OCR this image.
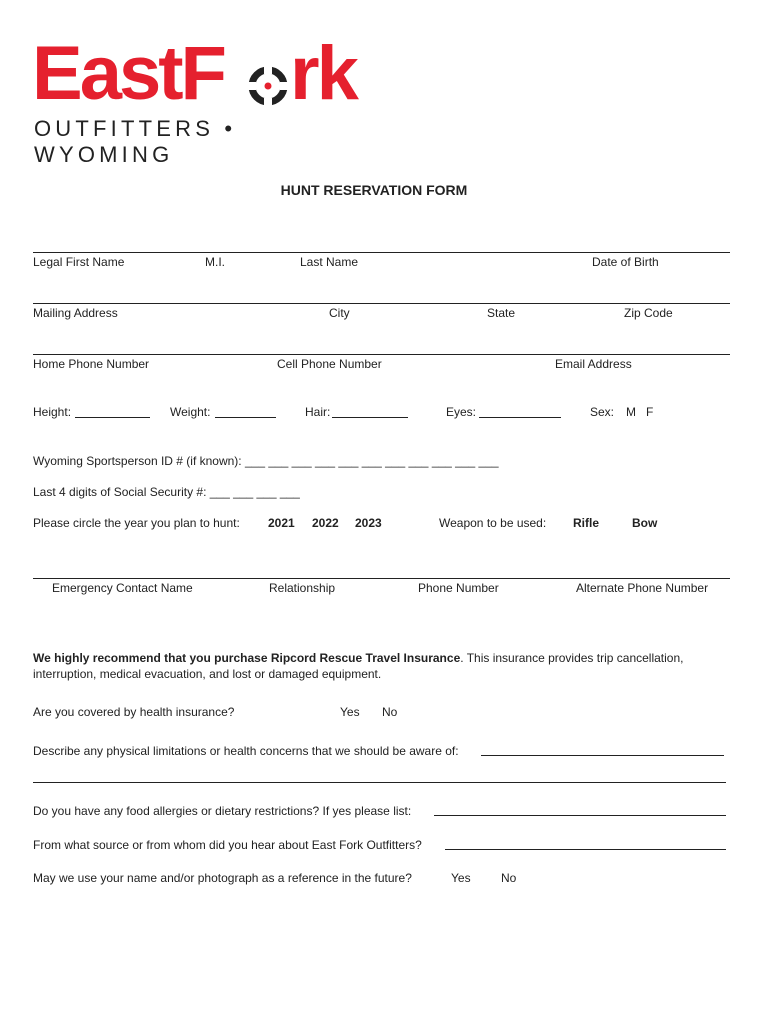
EastF rk
OUTFITTERS • WYOMING
HUNT RESERVATION FORM
Legal First Name	M.I.	Last Name	Date of Birth
Mailing Address	City	State	Zip Code
Home Phone Number	Cell Phone Number	Email Address
Height:	Weight:	Hair:	Eyes:	Sex: M F
Wyoming Sportsperson ID # (if known): ___ ___ ___ ___ ___ ___ ___ ___ ___ ___ ___
Last 4 digits of Social Security #: ___ ___ ___ ___
Please circle the year you plan to hunt: 2021 2022 2023	Weapon to be used: Rifle	Bow
Emergency Contact Name	Relationship	Phone Number	Alternate Phone Number
We highly recommend that you purchase Ripcord Rescue Travel Insurance. This insurance provides trip cancellation, interruption, medical evacuation, and lost or damaged equipment.
Are you covered by health insurance?	Yes No
Describe any physical limitations or health concerns that we should be aware of:
Do you have any food allergies or dietary restrictions? If yes please list:
From what source or from whom did you hear about East Fork Outfitters?
May we use your name and/or photograph as a reference in the future?	Yes	No
